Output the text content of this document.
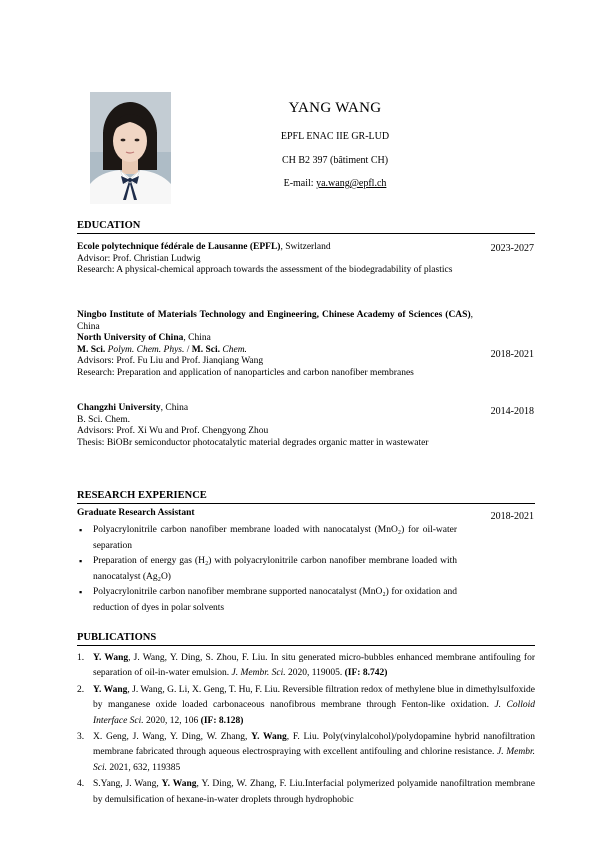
YANG WANG
EPFL ENAC IIE GR-LUD
CH B2 397 (bâtiment CH)
E-mail: ya.wang@epfl.ch
EDUCATION
Ecole polytechnique fédérale de Lausanne (EPFL), Switzerland
Advisor: Prof. Christian Ludwig
Research: A physical-chemical approach towards the assessment of the biodegradability of plastics
2023-2027
Ningbo Institute of Materials Technology and Engineering, Chinese Academy of Sciences (CAS), China
North University of China, China
M. Sci. Polym. Chem. Phys. / M. Sci. Chem.
Advisors: Prof. Fu Liu and Prof. Jianqiang Wang
Research: Preparation and application of nanoparticles and carbon nanofiber membranes
2018-2021
Changzhi University, China
B. Sci. Chem.
Advisors: Prof. Xi Wu and Prof. Chengyong Zhou
Thesis: BiOBr semiconductor photocatalytic material degrades organic matter in wastewater
2014-2018
RESEARCH EXPERIENCE
Graduate Research Assistant	2018-2021
▪ Polyacrylonitrile carbon nanofiber membrane loaded with nanocatalyst (MnO₂) for oil-water separation
▪ Preparation of energy gas (H₂) with polyacrylonitrile carbon nanofiber membrane loaded with nanocatalyst (Ag₂O)
▪ Polyacrylonitrile carbon nanofiber membrane supported nanocatalyst (MnO₂) for oxidation and reduction of dyes in polar solvents
PUBLICATIONS
1. Y. Wang, J. Wang, Y. Ding, S. Zhou, F. Liu. In situ generated micro-bubbles enhanced membrane antifouling for separation of oil-in-water emulsion. J. Membr. Sci. 2020, 119005. (IF: 8.742)
2. Y. Wang, J. Wang, G. Li, X. Geng, T. Hu, F. Liu. Reversible filtration redox of methylene blue in dimethylsulfoxide by manganese oxide loaded carbonaceous nanofibrous membrane through Fenton-like oxidation. J. Colloid Interface Sci. 2020, 12, 106 (IF: 8.128)
3. X. Geng, J. Wang, Y. Ding, W. Zhang, Y. Wang, F. Liu. Poly(vinylalcohol)/polydopamine hybrid nanofiltration membrane fabricated through aqueous electrospraying with excellent antifouling and chlorine resistance. J. Membr. Sci. 2021, 632, 119385
4. S.Yang, J. Wang, Y. Wang, Y. Ding, W. Zhang, F. Liu.Interfacial polymerized polyamide nanofiltration membrane by demulsification of hexane-in-water droplets through hydrophobic
